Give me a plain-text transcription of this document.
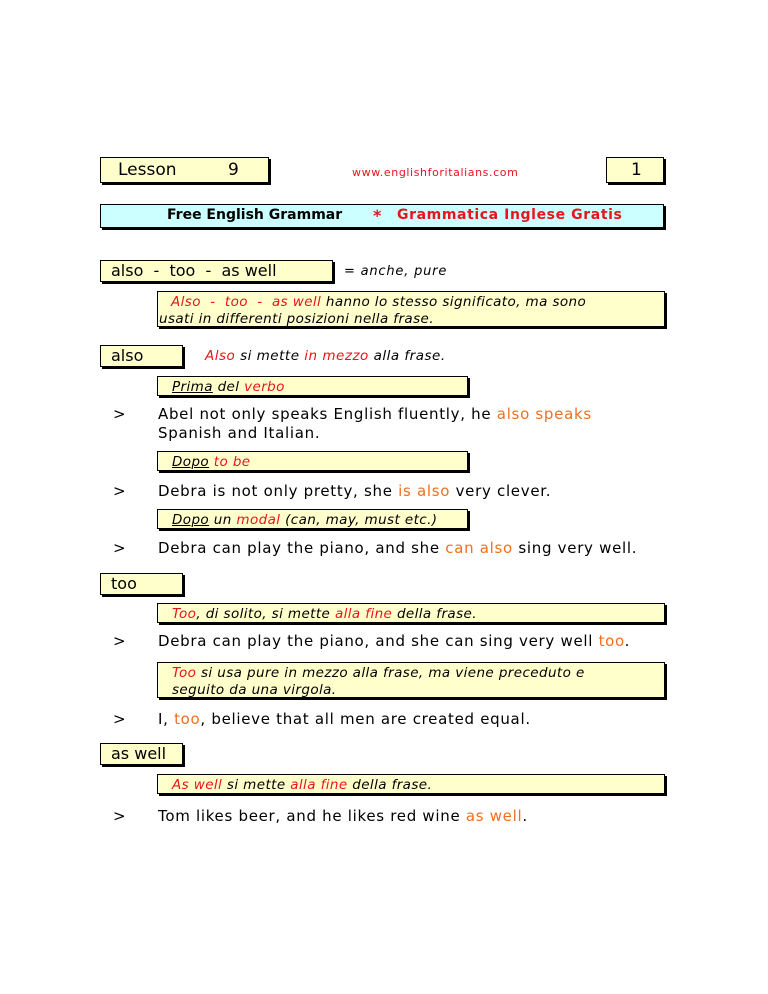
Lesson	9	www.englishforitalians.com	1
Free English Grammar * Grammatica Inglese Gratis
also  -  too  -  as well	= anche, pure
Also  -  too  -  as well hanno lo stesso significato, ma sono
usati in differenti posizioni nella frase.
also	Also si mette in mezzo alla frase.
Prima del verbo
> Abel not only speaks English fluently, he also speaks
Spanish and Italian.
Dopo to be
> Debra is not only pretty, she is also very clever.
Dopo un modal (can, may, must etc.)
> Debra can play the piano, and she can also sing very well.
too
Too, di solito, si mette alla fine della frase.
> Debra can play the piano, and she can sing very well too.
Too si usa pure in mezzo alla frase, ma viene preceduto e
seguito da una virgola.
> I, too, believe that all men are created equal.
as well
As well si mette alla fine della frase.
> Tom likes beer, and he likes red wine as well.
